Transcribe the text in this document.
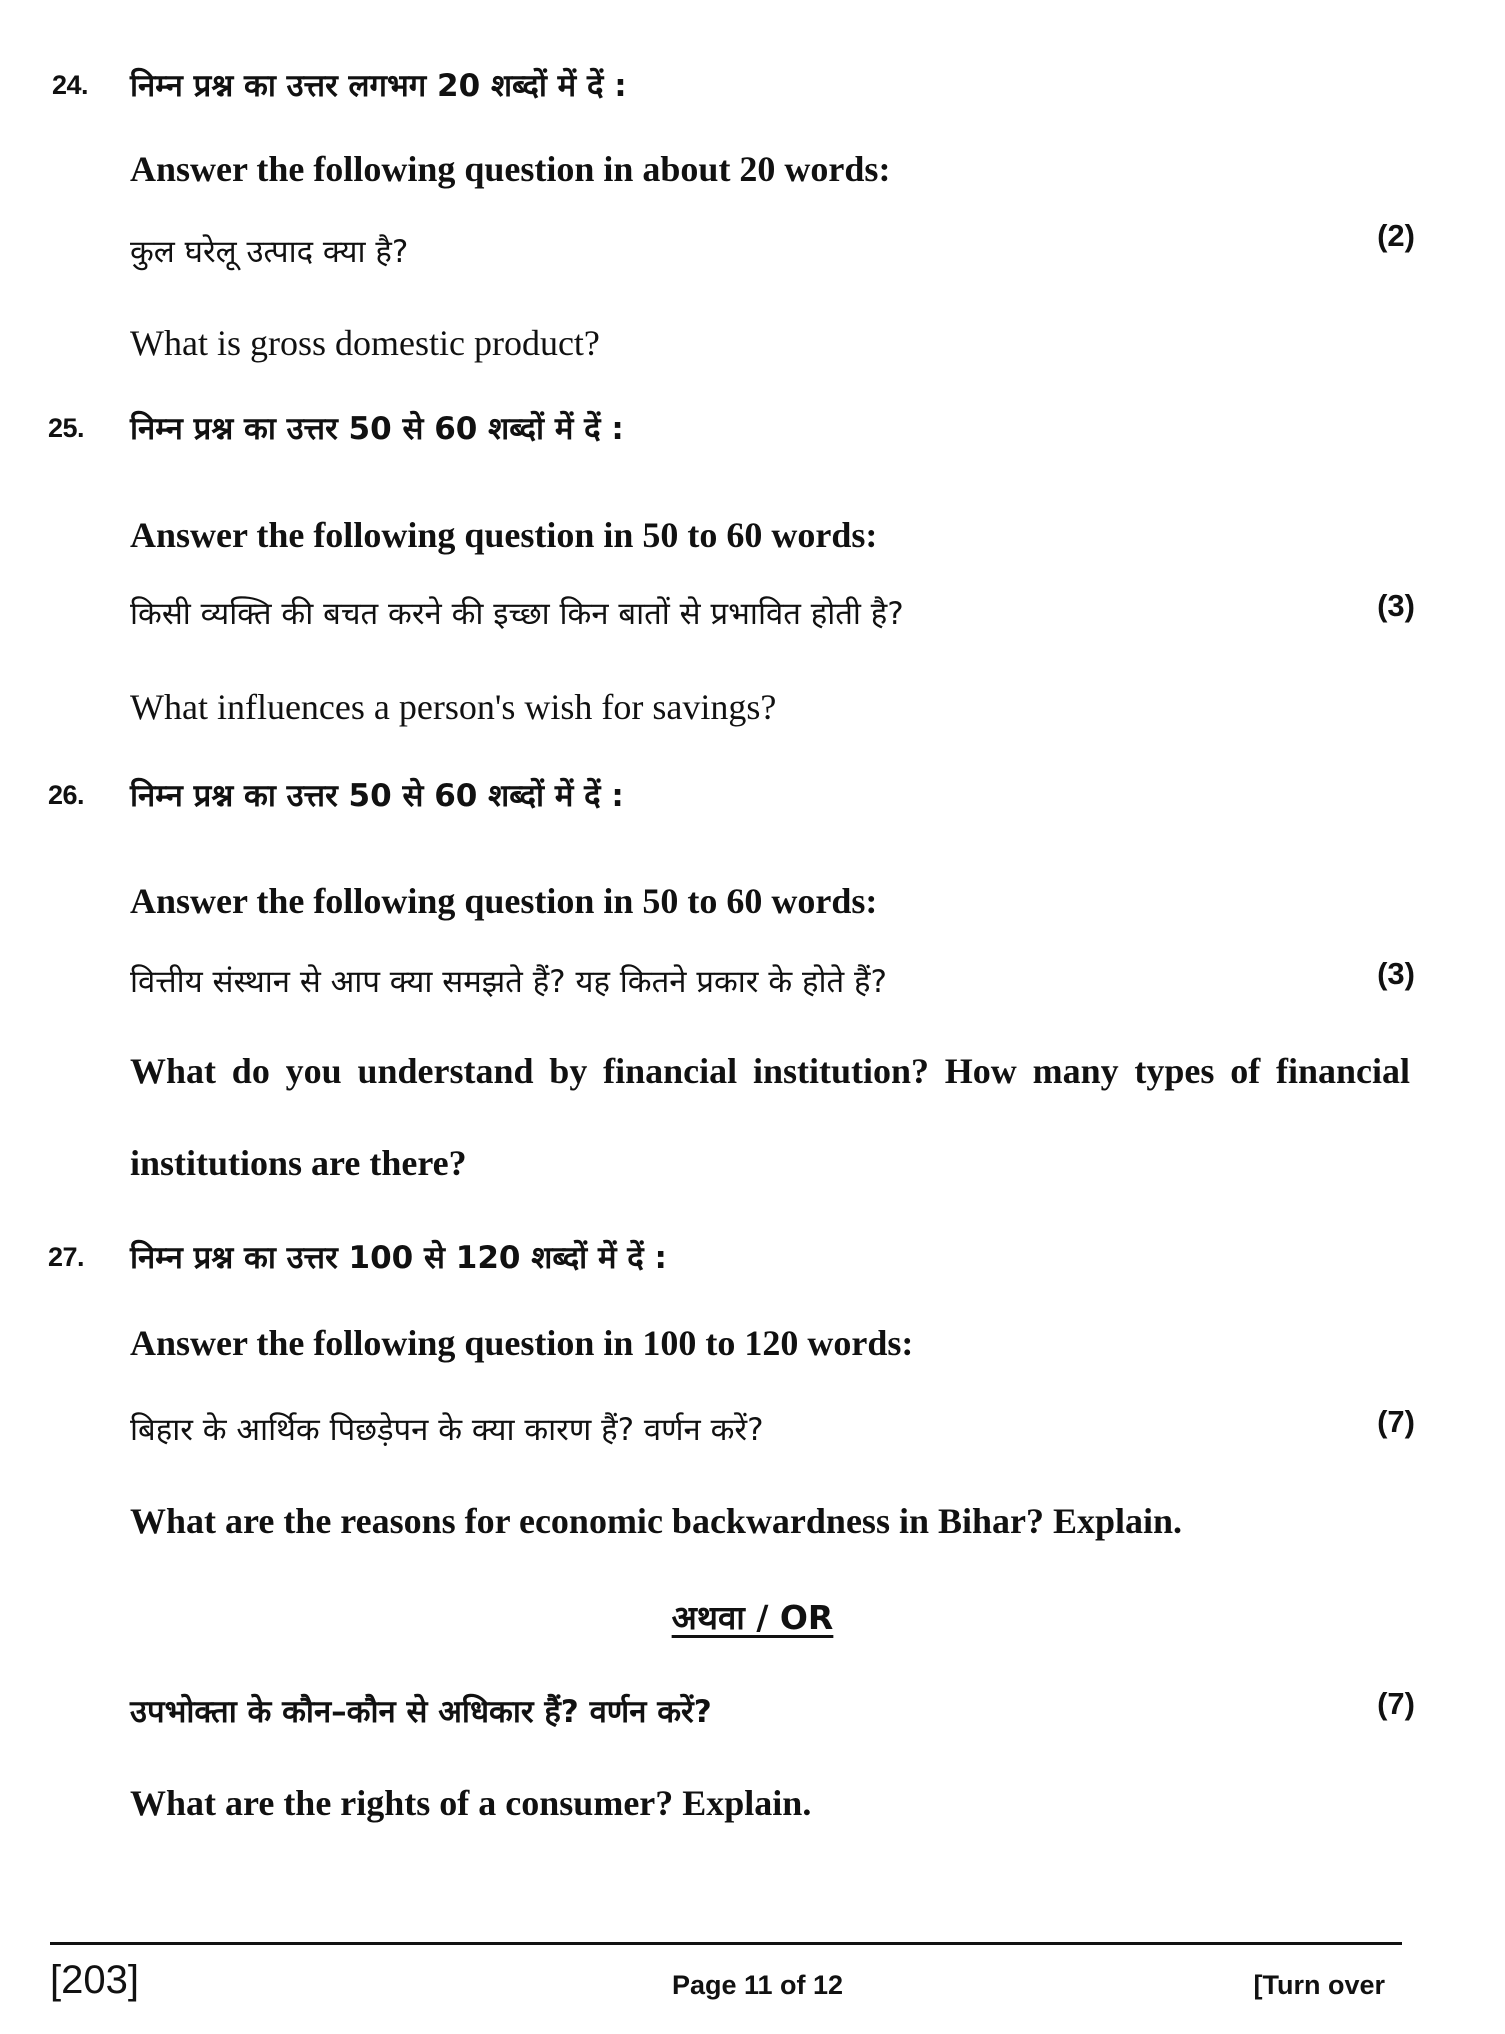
24. निम्न प्रश्न का उत्तर लगभग 20 शब्दों में दें :
Answer the following question in about 20 words:
कुल घरेलू उत्पाद क्या है?	(2)
What is gross domestic product?
25. निम्न प्रश्न का उत्तर 50 से 60 शब्दों में दें :
Answer the following question in 50 to 60 words:
किसी व्यक्ति की बचत करने की इच्छा किन बातों से प्रभावित होती है?	(3)
What influences a person's wish for savings?
26. निम्न प्रश्न का उत्तर 50 से 60 शब्दों में दें :
Answer the following question in 50 to 60 words:
वित्तीय संस्थान से आप क्या समझते हैं? यह कितने प्रकार के होते हैं?	(3)
What do you understand by financial institution? How many types of financial
institutions are there?
27. निम्न प्रश्न का उत्तर 100 से 120 शब्दों में दें :
Answer the following question in 100 to 120 words:
बिहार के आर्थिक पिछड़ेपन के क्या कारण हैं? वर्णन करें?	(7)
What are the reasons for economic backwardness in Bihar? Explain.
अथवा / OR
उपभोक्ता के कौन–कौन से अधिकार हैं? वर्णन करें?	(7)
What are the rights of a consumer? Explain.
[203]	Page 11 of 12	[Turn over
